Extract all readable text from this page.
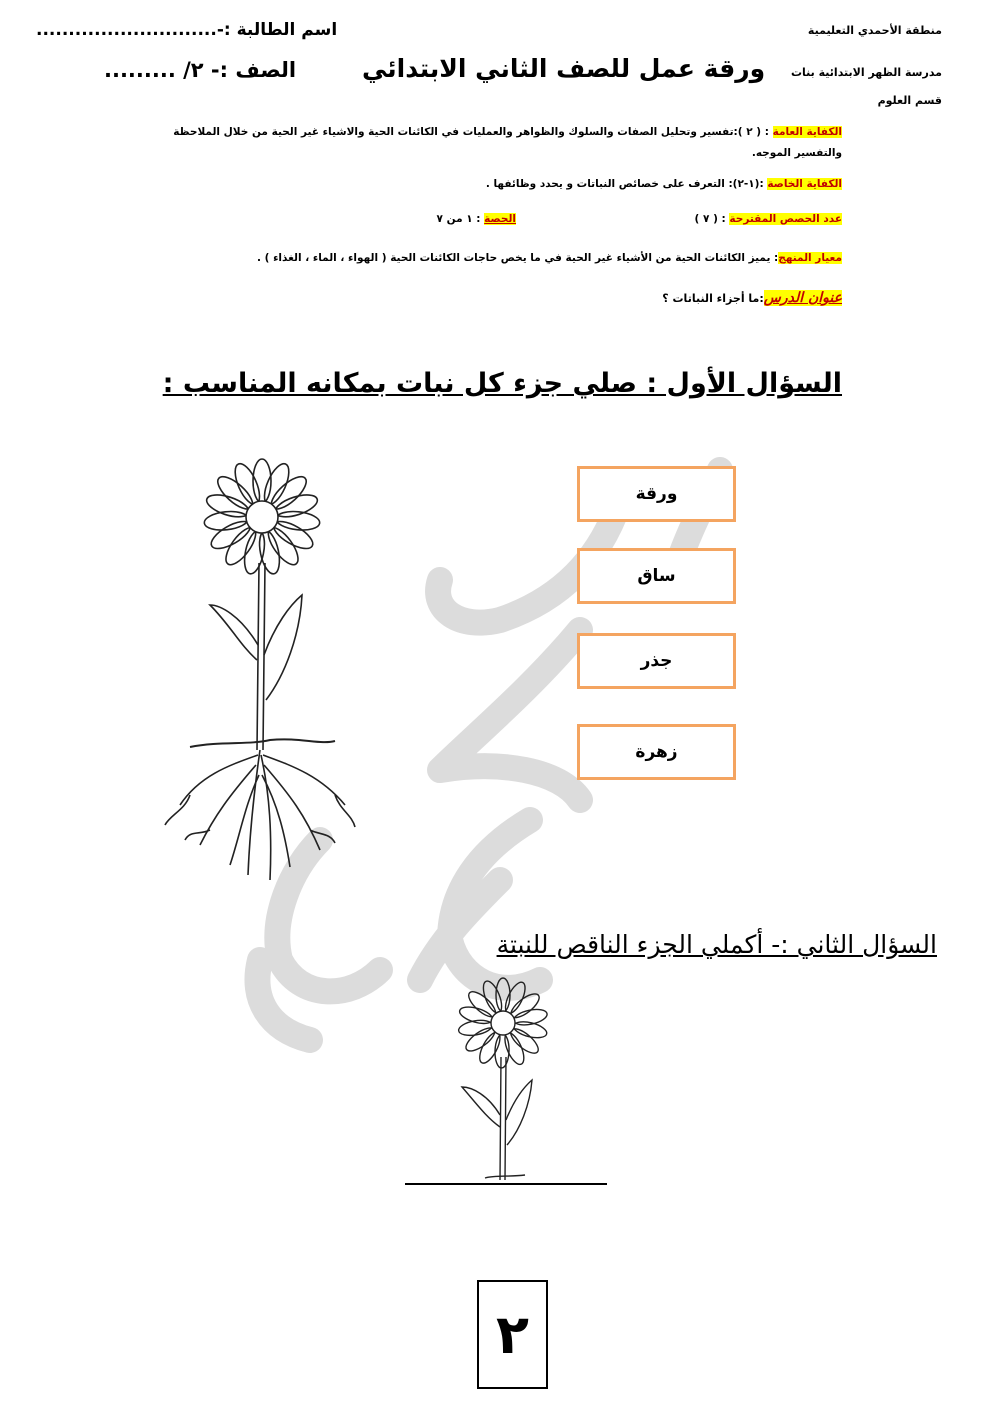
منطقة الأحمدي التعليمية
مدرسة الظهر الابتدائية بنات
قسم العلوم
اسم الطالبة :-............................
الصف :- ٢/ .........	ورقة عمل للصف الثاني الابتدائي
الكفاية العامة : ( ٢ ):تفسير وتحليل الصفات والسلوك والظواهر والعمليات في الكائنات الحية والاشياء غير الحية من خلال الملاحظة والتفسير الموجه.
الكفاية الخاصة :(١-٢): التعرف على خصائص النباتات و يحدد وظائفها .
عدد الحصص المقترحة : ( ٧ )
الحصة : ١ من ٧
معيار المنهج: يميز الكائنات الحية من الأشياء غير الحية في ما يخص حاجات الكائنات الحية ( الهواء ، الماء ، الغذاء ) .
عنوان الدرس:ما أجزاء النباتات ؟
السؤال الأول : صلي جزء كل نبات بمكانه المناسب :
ورقة
ساق
جذر
زهرة
السؤال الثاني :- أكملي الجزء الناقص للنبتة
٢
